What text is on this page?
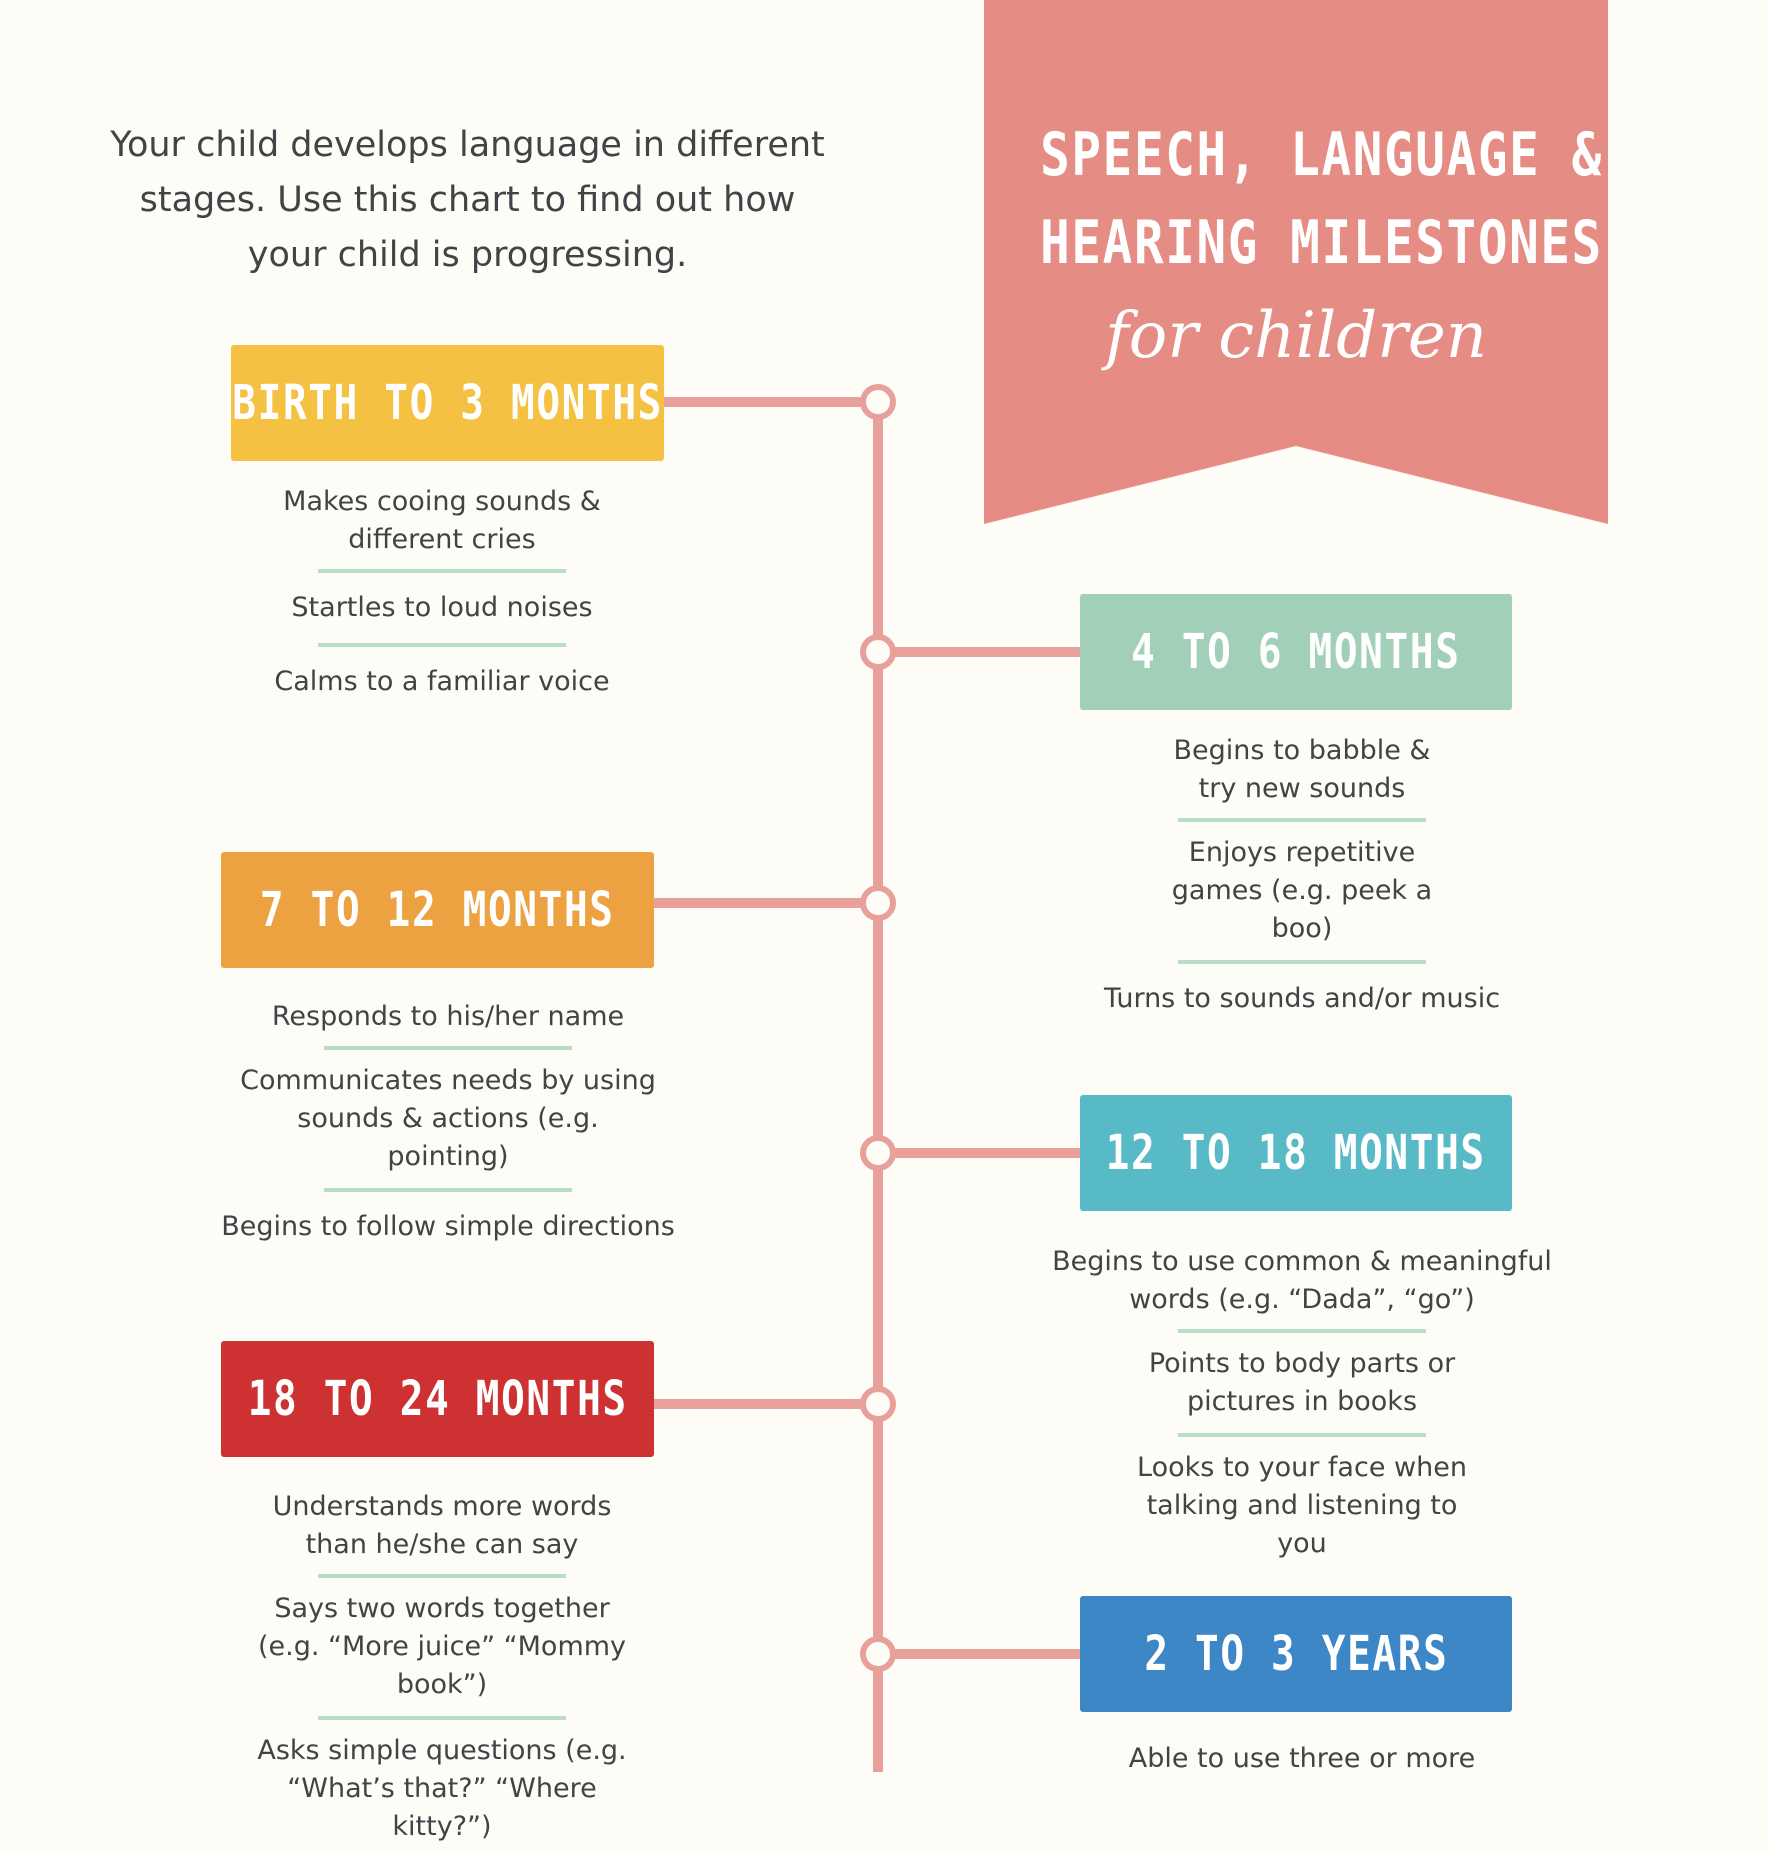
Your child develops language in different
stages. Use this chart to find out how
your child is progressing.
SPEECH, LANGUAGE &
HEARING MILESTONES
for children
BIRTH TO 3 MONTHS
Makes cooing sounds & different cries
Startles to loud noises
Calms to a familiar voice
4 TO 6 MONTHS
Begins to babble & try new sounds
Enjoys repetitive games (e.g. peek a boo)
Turns to sounds and/or music
7 TO 12 MONTHS
Responds to his/her name
Communicates needs by using sounds & actions (e.g. pointing)
Begins to follow simple directions
12 TO 18 MONTHS
Begins to use common & meaningful words (e.g. “Dada”, “go”)
Points to body parts or pictures in books
Looks to your face when talking and listening to you
18 TO 24 MONTHS
Understands more words than he/she can say
Says two words together (e.g. “More juice” “Mommy book”)
Asks simple questions (e.g. “What’s that?” “Where kitty?”)
2 TO 3 YEARS
Able to use three or more
